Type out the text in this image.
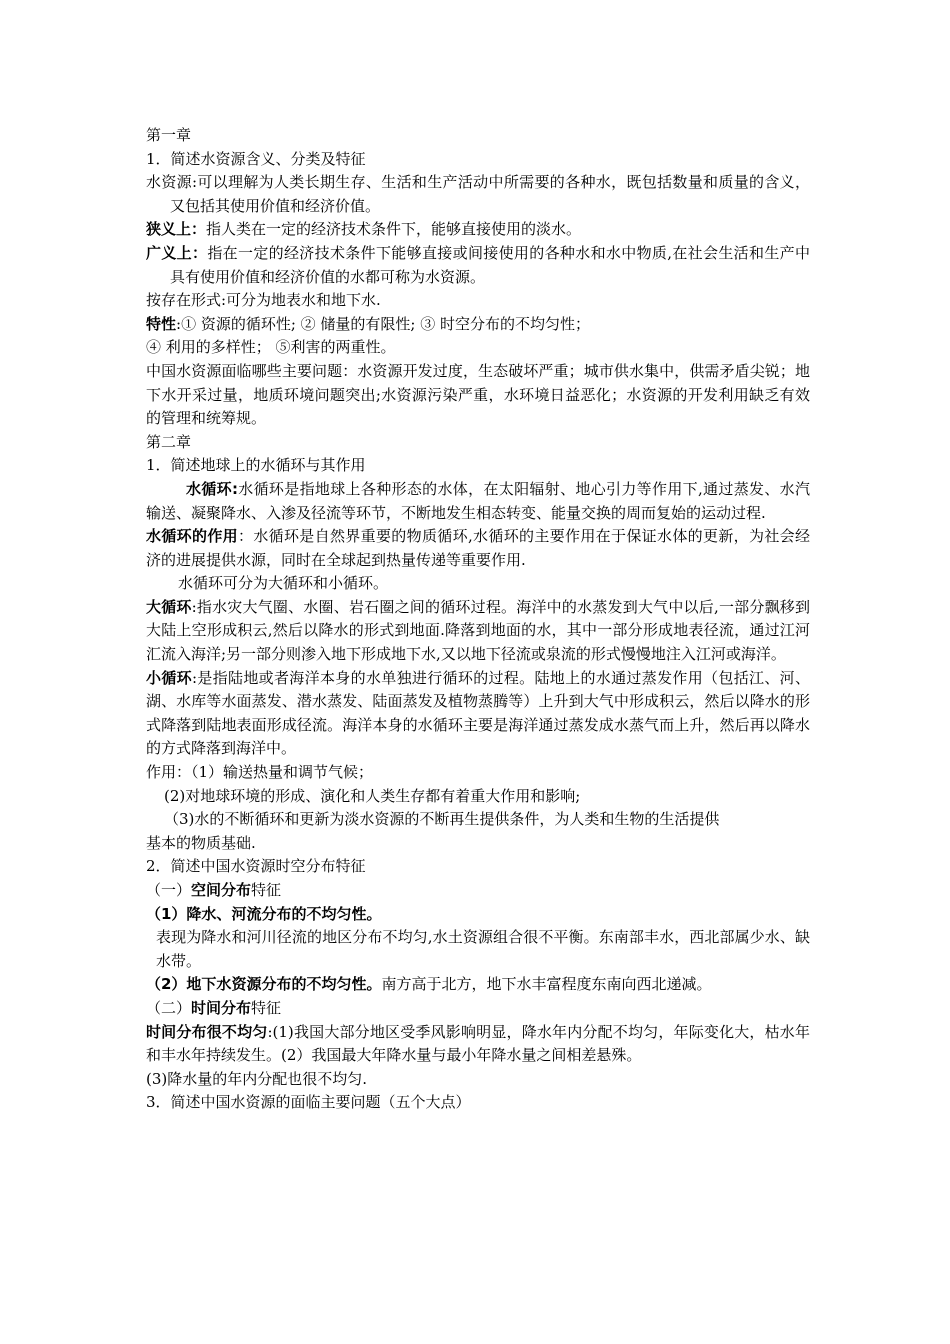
第一章

1．简述水资源含义、分类及特征

水资源:可以理解为人类长期生存、生活和生产活动中所需要的各种水，既包括数量和质量的含义，又包括其使用价值和经济价值。

狭义上：指人类在一定的经济技术条件下，能够直接使用的淡水。

广义上：指在一定的经济技术条件下能够直接或间接使用的各种水和水中物质,在社会生活和生产中具有使用价值和经济价值的水都可称为水资源。

按存在形式:可分为地表水和地下水.

特性:① 资源的循环性; ② 储量的有限性; ③ 时空分布的不均匀性；

④ 利用的多样性； ⑤利害的两重性。

中国水资源面临哪些主要问题：水资源开发过度，生态破坏严重；城市供水集中，供需矛盾尖锐；地下水开采过量，地质环境问题突出;水资源污染严重，水环境日益恶化；水资源的开发利用缺乏有效的管理和统筹规。

第二章

1．简述地球上的水循环与其作用

水循环:水循环是指地球上各种形态的水体，在太阳辐射、地心引力等作用下,通过蒸发、水汽输送、凝聚降水、入渗及径流等环节，不断地发生相态转变、能量交换的周而复始的运动过程.

水循环的作用：水循环是自然界重要的物质循环,水循环的主要作用在于保证水体的更新，为社会经济的进展提供水源，同时在全球起到热量传递等重要作用.

水循环可分为大循环和小循环。

大循环:指水灾大气圈、水圈、岩石圈之间的循环过程。海洋中的水蒸发到大气中以后,一部分飘移到大陆上空形成积云,然后以降水的形式到地面.降落到地面的水，其中一部分形成地表径流，通过江河汇流入海洋;另一部分则渗入地下形成地下水,又以地下径流或泉流的形式慢慢地注入江河或海洋。

小循环:是指陆地或者海洋本身的水单独进行循环的过程。陆地上的水通过蒸发作用（包括江、河、湖、水库等水面蒸发、潜水蒸发、陆面蒸发及植物蒸腾等）上升到大气中形成积云，然后以降水的形式降落到陆地表面形成径流。海洋本身的水循环主要是海洋通过蒸发成水蒸气而上升，然后再以降水的方式降落到海洋中。

作用：（1）输送热量和调节气候；

(2)对地球环境的形成、演化和人类生存都有着重大作用和影响;

（3)水的不断循环和更新为淡水资源的不断再生提供条件，为人类和生物的生活提供

基本的物质基础.

2．简述中国水资源时空分布特征

（一）空间分布特征

（1）降水、河流分布的不均匀性。

表现为降水和河川径流的地区分布不均匀,水土资源组合很不平衡。东南部丰水，西北部属少水、缺水带。

（2）地下水资源分布的不均匀性。南方高于北方，地下水丰富程度东南向西北递减。

（二）时间分布特征

时间分布很不均匀:(1)我国大部分地区受季风影响明显，降水年内分配不均匀，年际变化大，枯水年和丰水年持续发生。(2）我国最大年降水量与最小年降水量之间相差悬殊。

(3)降水量的年内分配也很不均匀.

3．简述中国水资源的面临主要问题（五个大点）
